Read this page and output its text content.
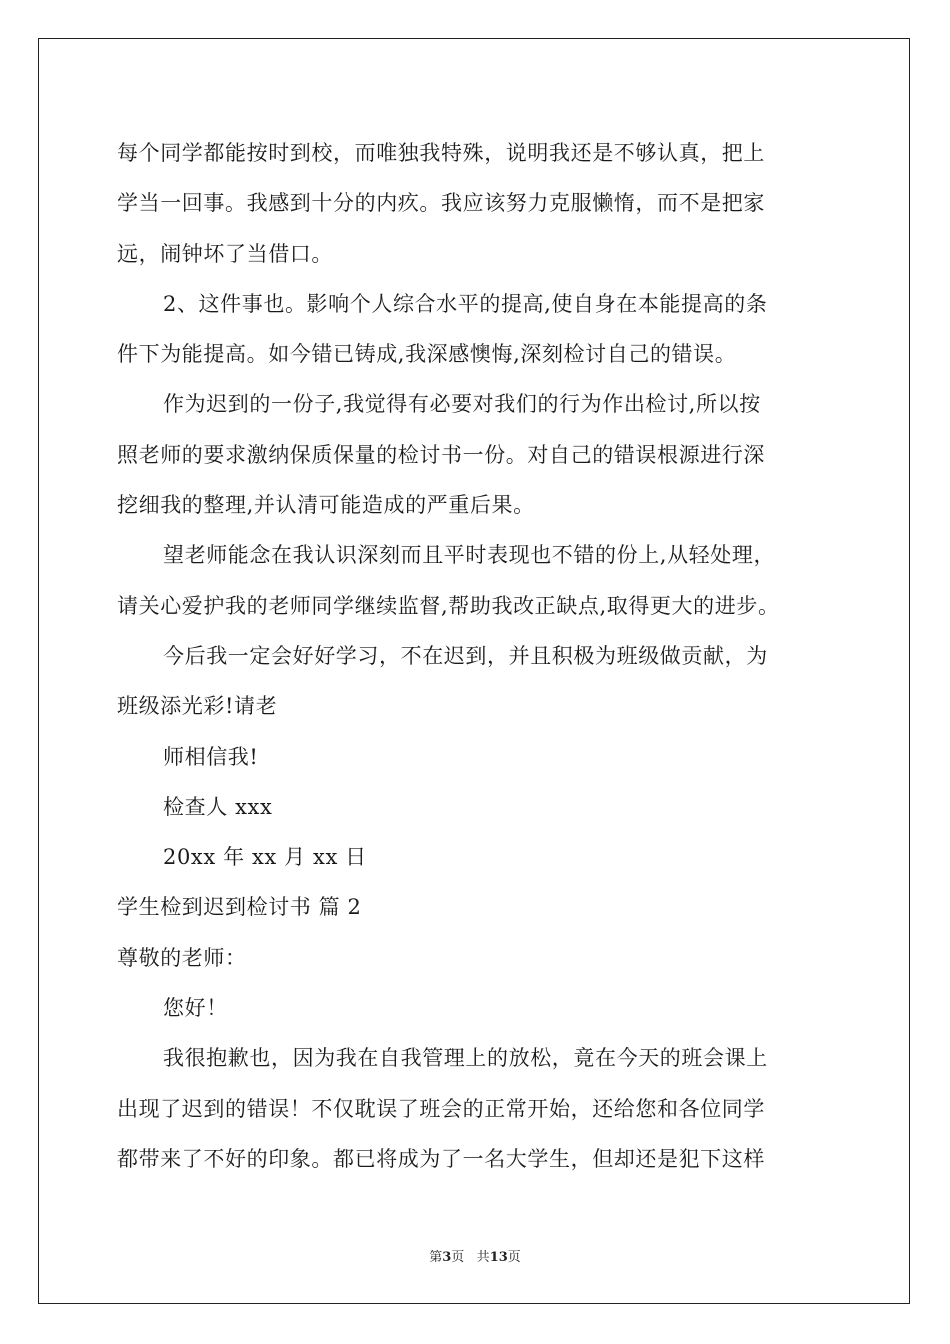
每个同学都能按时到校，而唯独我特殊，说明我还是不够认真，把上
学当一回事。我感到十分的内疚。我应该努力克服懒惰，而不是把家
远，闹钟坏了当借口。
2、这件事也。影响个人综合水平的提高,使自身在本能提高的条
件下为能提高。如今错已铸成,我深感懊悔,深刻检讨自己的错误。
作为迟到的一份子,我觉得有必要对我们的行为作出检讨,所以按
照老师的要求激纳保质保量的检讨书一份。对自己的错误根源进行深
挖细我的整理,并认清可能造成的严重后果。
望老师能念在我认识深刻而且平时表现也不错的份上,从轻处理，
请关心爱护我的老师同学继续监督,帮助我改正缺点,取得更大的进步。
今后我一定会好好学习，不在迟到，并且积极为班级做贡献，为
班级添光彩!请老
师相信我!
检查人 xxx
20xx 年 xx 月 xx 日
学生检到迟到检讨书 篇 2
尊敬的老师：
您好！
我很抱歉也，因为我在自我管理上的放松，竟在今天的班会课上
出现了迟到的错误！不仅耽误了班会的正常开始，还给您和各位同学
都带来了不好的印象。都已将成为了一名大学生，但却还是犯下这样
第3页 共13页
